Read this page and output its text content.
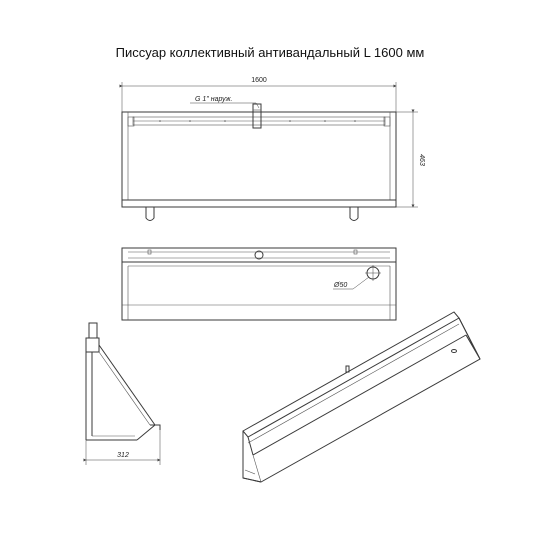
Писсуар коллективный антивандальный L 1600 мм
1600
G 1" наруж.
463
Ø50
312
